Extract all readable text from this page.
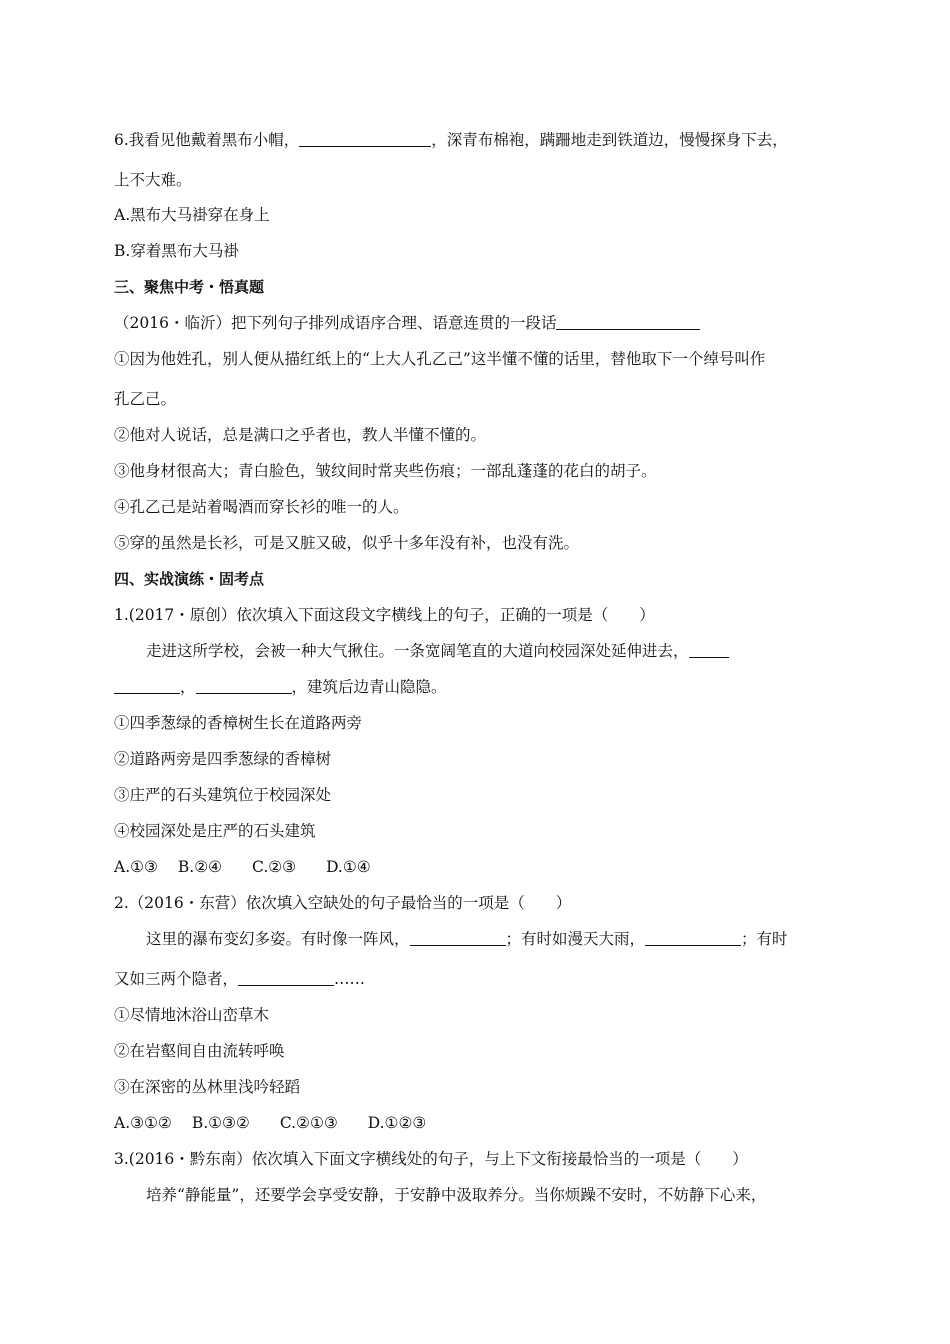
6.我看见他戴着黑布小帽，	，深青布棉袍，蹒跚地走到铁道边，慢慢探身下去，
上不大难。
A.黑布大马褂穿在身上
B.穿着黑布大马褂
三、聚焦中考・悟真题
（2016・临沂）把下列句子排列成语序合理、语意连贯的一段话
①因为他姓孔，别人便从描红纸上的“上大人孔乙己”这半懂不懂的话里，替他取下一个绰号叫作
孔乙己。
②他对人说话，总是满口之乎者也，教人半懂不懂的。
③他身材很高大；青白脸色，皱纹间时常夹些伤痕；一部乱蓬蓬的花白的胡子。
④孔乙己是站着喝酒而穿长衫的唯一的人。
⑤穿的虽然是长衫，可是又脏又破，似乎十多年没有补，也没有洗。
四、实战演练・固考点
1.(2017・原创）依次填入下面这段文字横线上的句子，正确的一项是（　　）
走进这所学校，会被一种大气揪住。一条宽阔笔直的大道向校园深处延伸进去，
，	，建筑后边青山隐隐。
①四季葱绿的香樟树生长在道路两旁
②道路两旁是四季葱绿的香樟树
③庄严的石头建筑位于校园深处
④校园深处是庄严的石头建筑
A.①③ B.②④ C.②③ D.①④
2.（2016・东营）依次填入空缺处的句子最恰当的一项是（　　）
这里的瀑布变幻多姿。有时像一阵风，	；有时如漫天大雨，	；有时
又如三两个隐者，	……
①尽情地沐浴山峦草木
②在岩壑间自由流转呼唤
③在深密的丛林里浅吟轻蹈
A.③①② B.①③② C.②①③ D.①②③
3.(2016・黔东南）依次填入下面文字横线处的句子，与上下文衔接最恰当的一项是（　　）
培养“静能量”，还要学会享受安静，于安静中汲取养分。当你烦躁不安时，不妨静下心来，
